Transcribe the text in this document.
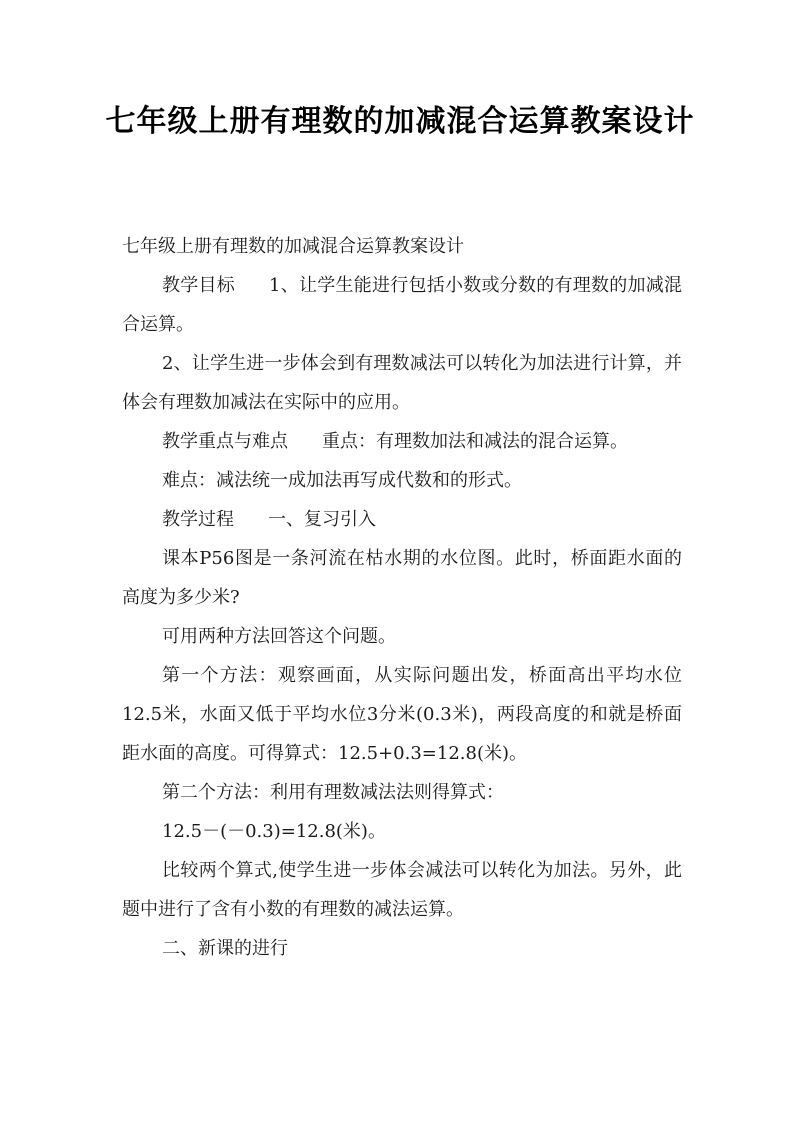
七年级上册有理数的加减混合运算教案设计

七年级上册有理数的加减混合运算教案设计

教学目标 1、让学生能进行包括小数或分数的有理数的加减混合运算。

2、让学生进一步体会到有理数减法可以转化为加法进行计算，并体会有理数加减法在实际中的应用。

教学重点与难点 重点：有理数加法和减法的混合运算。

难点：减法统一成加法再写成代数和的形式。

教学过程 一、复习引入

课本P56图是一条河流在枯水期的水位图。此时，桥面距水面的高度为多少米?

可用两种方法回答这个问题。

第一个方法：观察画面，从实际问题出发，桥面高出平均水位12.5米，水面又低于平均水位3分米(0.3米)，两段高度的和就是桥面距水面的高度。可得算式：12.5+0.3=12.8(米)。

第二个方法：利用有理数减法法则得算式：

12.5－(－0.3)=12.8(米)。

比较两个算式,使学生进一步体会减法可以转化为加法。另外，此题中进行了含有小数的有理数的减法运算。

二、新课的进行
